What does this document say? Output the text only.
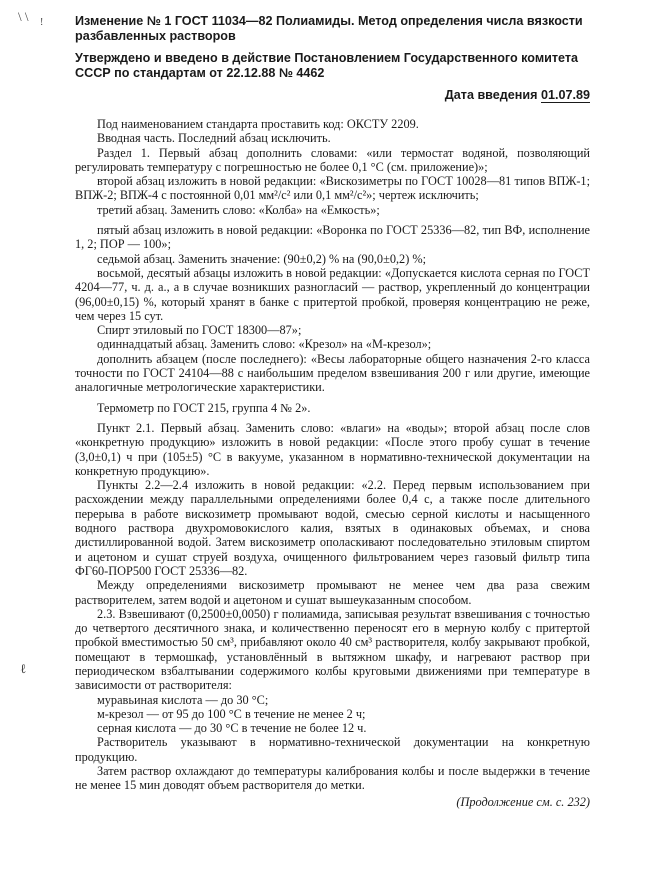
\ \ !
ℓ

Изменение № 1 ГОСТ 11034—82 Полиамиды. Метод определения числа вязкости разбавленных растворов

Утверждено и введено в действие Постановлением Государственного комитета СССР по стандартам от 22.12.88 № 4462

Дата введения 01.07.89

Под наименованием стандарта проставить код: ОКСТУ 2209.

Вводная часть. Последний абзац исключить.

Раздел 1. Первый абзац дополнить словами: «или термостат водяной, позволяющий регулировать температуру с погрешностью не более 0,1 °С (см. приложение)»;

второй абзац изложить в новой редакции: «Вискозиметры по ГОСТ 10028—81 типов ВПЖ-1; ВПЖ-2; ВПЖ-4 с постоянной 0,01 мм²/с² или 0,1 мм²/с²»; чертеж исключить;

третий абзац. Заменить слово: «Колба» на «Емкость»;

пятый абзац изложить в новой редакции: «Воронка по ГОСТ 25336—82, тип ВФ, исполнение 1, 2; ПОР — 100»;

седьмой абзац. Заменить значение: (90±0,2) % на (90,0±0,2) %;

восьмой, десятый абзацы изложить в новой редакции: «Допускается кислота серная по ГОСТ 4204—77, ч. д. а., а в случае возникших разногласий — раствор, укрепленный до концентрации (96,00±0,15) %, который хранят в банке с притертой пробкой, проверяя концентрацию не реже, чем через 15 сут.

Спирт этиловый по ГОСТ 18300—87»;

одиннадцатый абзац. Заменить слово: «Крезол» на «М-крезол»;

дополнить абзацем (после последнего): «Весы лабораторные общего назначения 2-го класса точности по ГОСТ 24104—88 с наибольшим пределом взвешивания 200 г или другие, имеющие аналогичные метрологические характеристики.

Термометр по ГОСТ 215, группа 4 № 2».

Пункт 2.1. Первый абзац. Заменить слово: «влаги» на «воды»; второй абзац после слов «конкретную продукцию» изложить в новой редакции: «После этого пробу сушат в течение (3,0±0,1) ч при (105±5) °С в вакууме, указанном в нормативно-технической документации на конкретную продукцию».

Пункты 2.2—2.4 изложить в новой редакции: «2.2. Перед первым использованием при расхождении между параллельными определениями более 0,4 с, а также после длительного перерыва в работе вискозиметр промывают водой, смесью серной кислоты и насыщенного водного раствора двухромовокислого калия, взятых в одинаковых объемах, и снова дистиллированной водой. Затем вискозиметр ополаскивают последовательно этиловым спиртом и ацетоном и сушат струей воздуха, очищенного фильтрованием через газовый фильтр типа ФГ60-ПОР500 ГОСТ 25336—82.

Между определениями вискозиметр промывают не менее чем два раза свежим растворителем, затем водой и ацетоном и сушат вышеуказанным способом.

2.3. Взвешивают (0,2500±0,0050) г полиамида, записывая результат взвешивания с точностью до четвертого десятичного знака, и количественно переносят его в мерную колбу с притертой пробкой вместимостью 50 см³, прибавляют около 40 см³ растворителя, колбу закрывают пробкой, помещают в термошкаф, установлённый в вытяжном шкафу, и нагревают раствор при периодическом взбалтывании содержимого колбы круговыми движениями при температуре в зависимости от растворителя:

муравьиная кислота — до 30 °С;

м-крезол — от 95 до 100 °С в течение не менее 2 ч;

серная кислота — до 30 °С в течение не более 12 ч.

Растворитель указывают в нормативно-технической документации на конкретную продукцию.

Затем раствор охлаждают до температуры калибрования колбы и после выдержки в течение не менее 15 мин доводят объем растворителя до метки.

(Продолжение см. с. 232)
